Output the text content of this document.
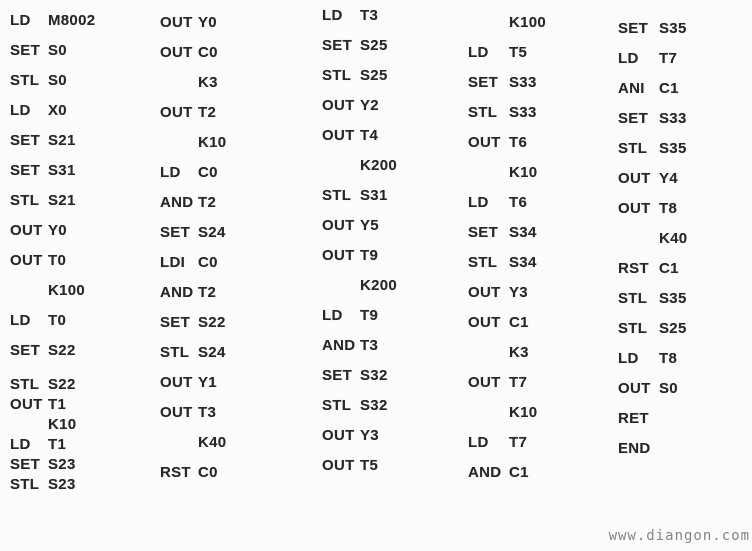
LD	M8002
SET S0
STL S0
LD	X0
SET S21
SET S31
STL S21
OUT Y0
OUT T0
K100
LD	T0
SET S22
STL S22
OUT T1
K10
LD	T1
SET S23
STL S23
OUT Y0
OUT C0
K3
OUT T2
K10
LD	C0
AND T2
SET S24
LDI C0
AND T2
SET S22
STL S24
OUT Y1
OUT T3
K40
RST C0
LD	T3
SET S25
STL S25
OUT Y2
OUT T4
K200
STL S31
OUT Y5
OUT T9
K200
LD	T9
AND T3
SET S32
STL S32
OUT Y3
OUT T5
K100
LD	T5
SET S33
STL S33
OUT T6
K10
LD	T6
SET S34
STL S34
OUT Y3
OUT C1
K3
OUT T7
K10
LD	T7
AND C1
SET S35
LD	T7
ANI C1
SET S33
STL S35
OUT Y4
OUT T8
K40
RST C1
STL S35
STL S25
LD	T8
OUT S0
RET
END
www.diangon.com
